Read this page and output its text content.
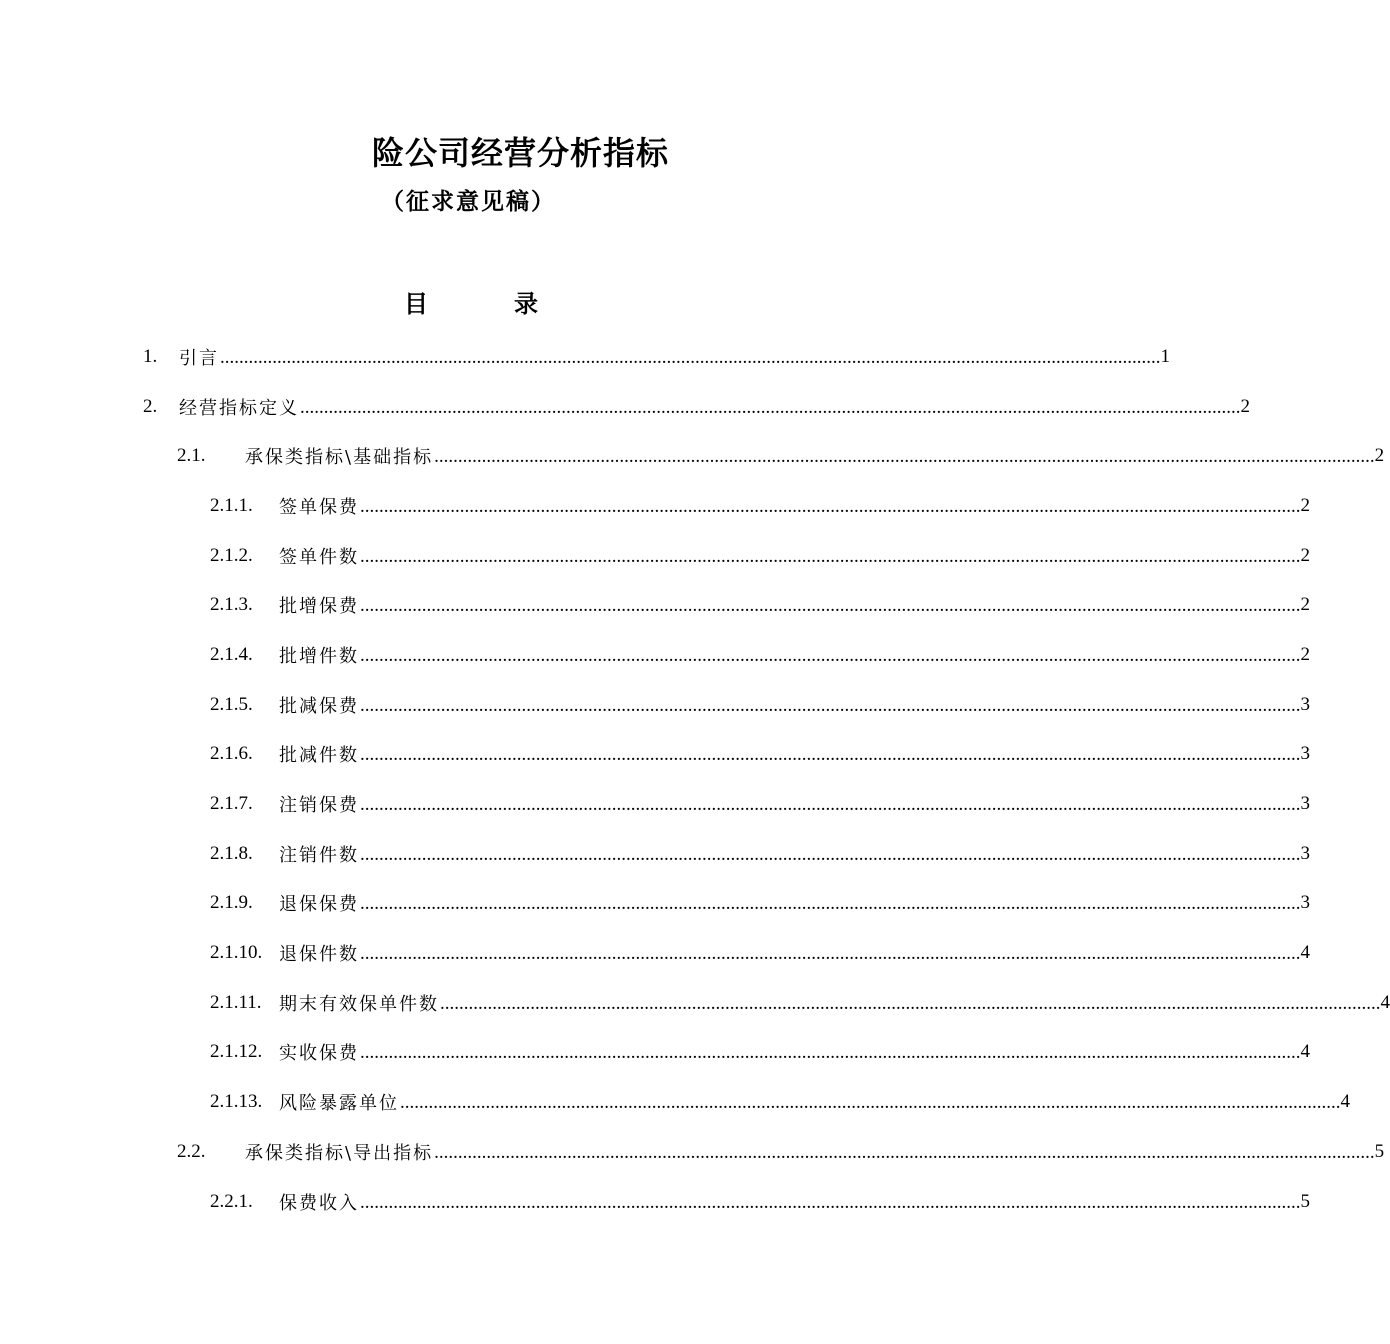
险公司经营分析指标
（征求意见稿）
目	录
1.	引言 .....	1
2.	经营指标定义 .....	2
2.1.	承保类指标\基础指标 .....	2
2.1.1.	签单保费 .....	2
2.1.2.	签单件数 .....	2
2.1.3.	批增保费 .....	2
2.1.4.	批增件数 .....	2
2.1.5.	批减保费 .....	3
2.1.6.	批减件数 .....	3
2.1.7.	注销保费 .....	3
2.1.8.	注销件数 .....	3
2.1.9.	退保保费 .....	3
2.1.10. 退保件数 .....	4
2.1.11. 期末有效保单件数 .....	4
2.1.12. 实收保费 .....	4
2.1.13. 风险暴露单位 .....	4
2.2.	承保类指标\导出指标 .....	5
2.2.1.	保费收入 .....	5
